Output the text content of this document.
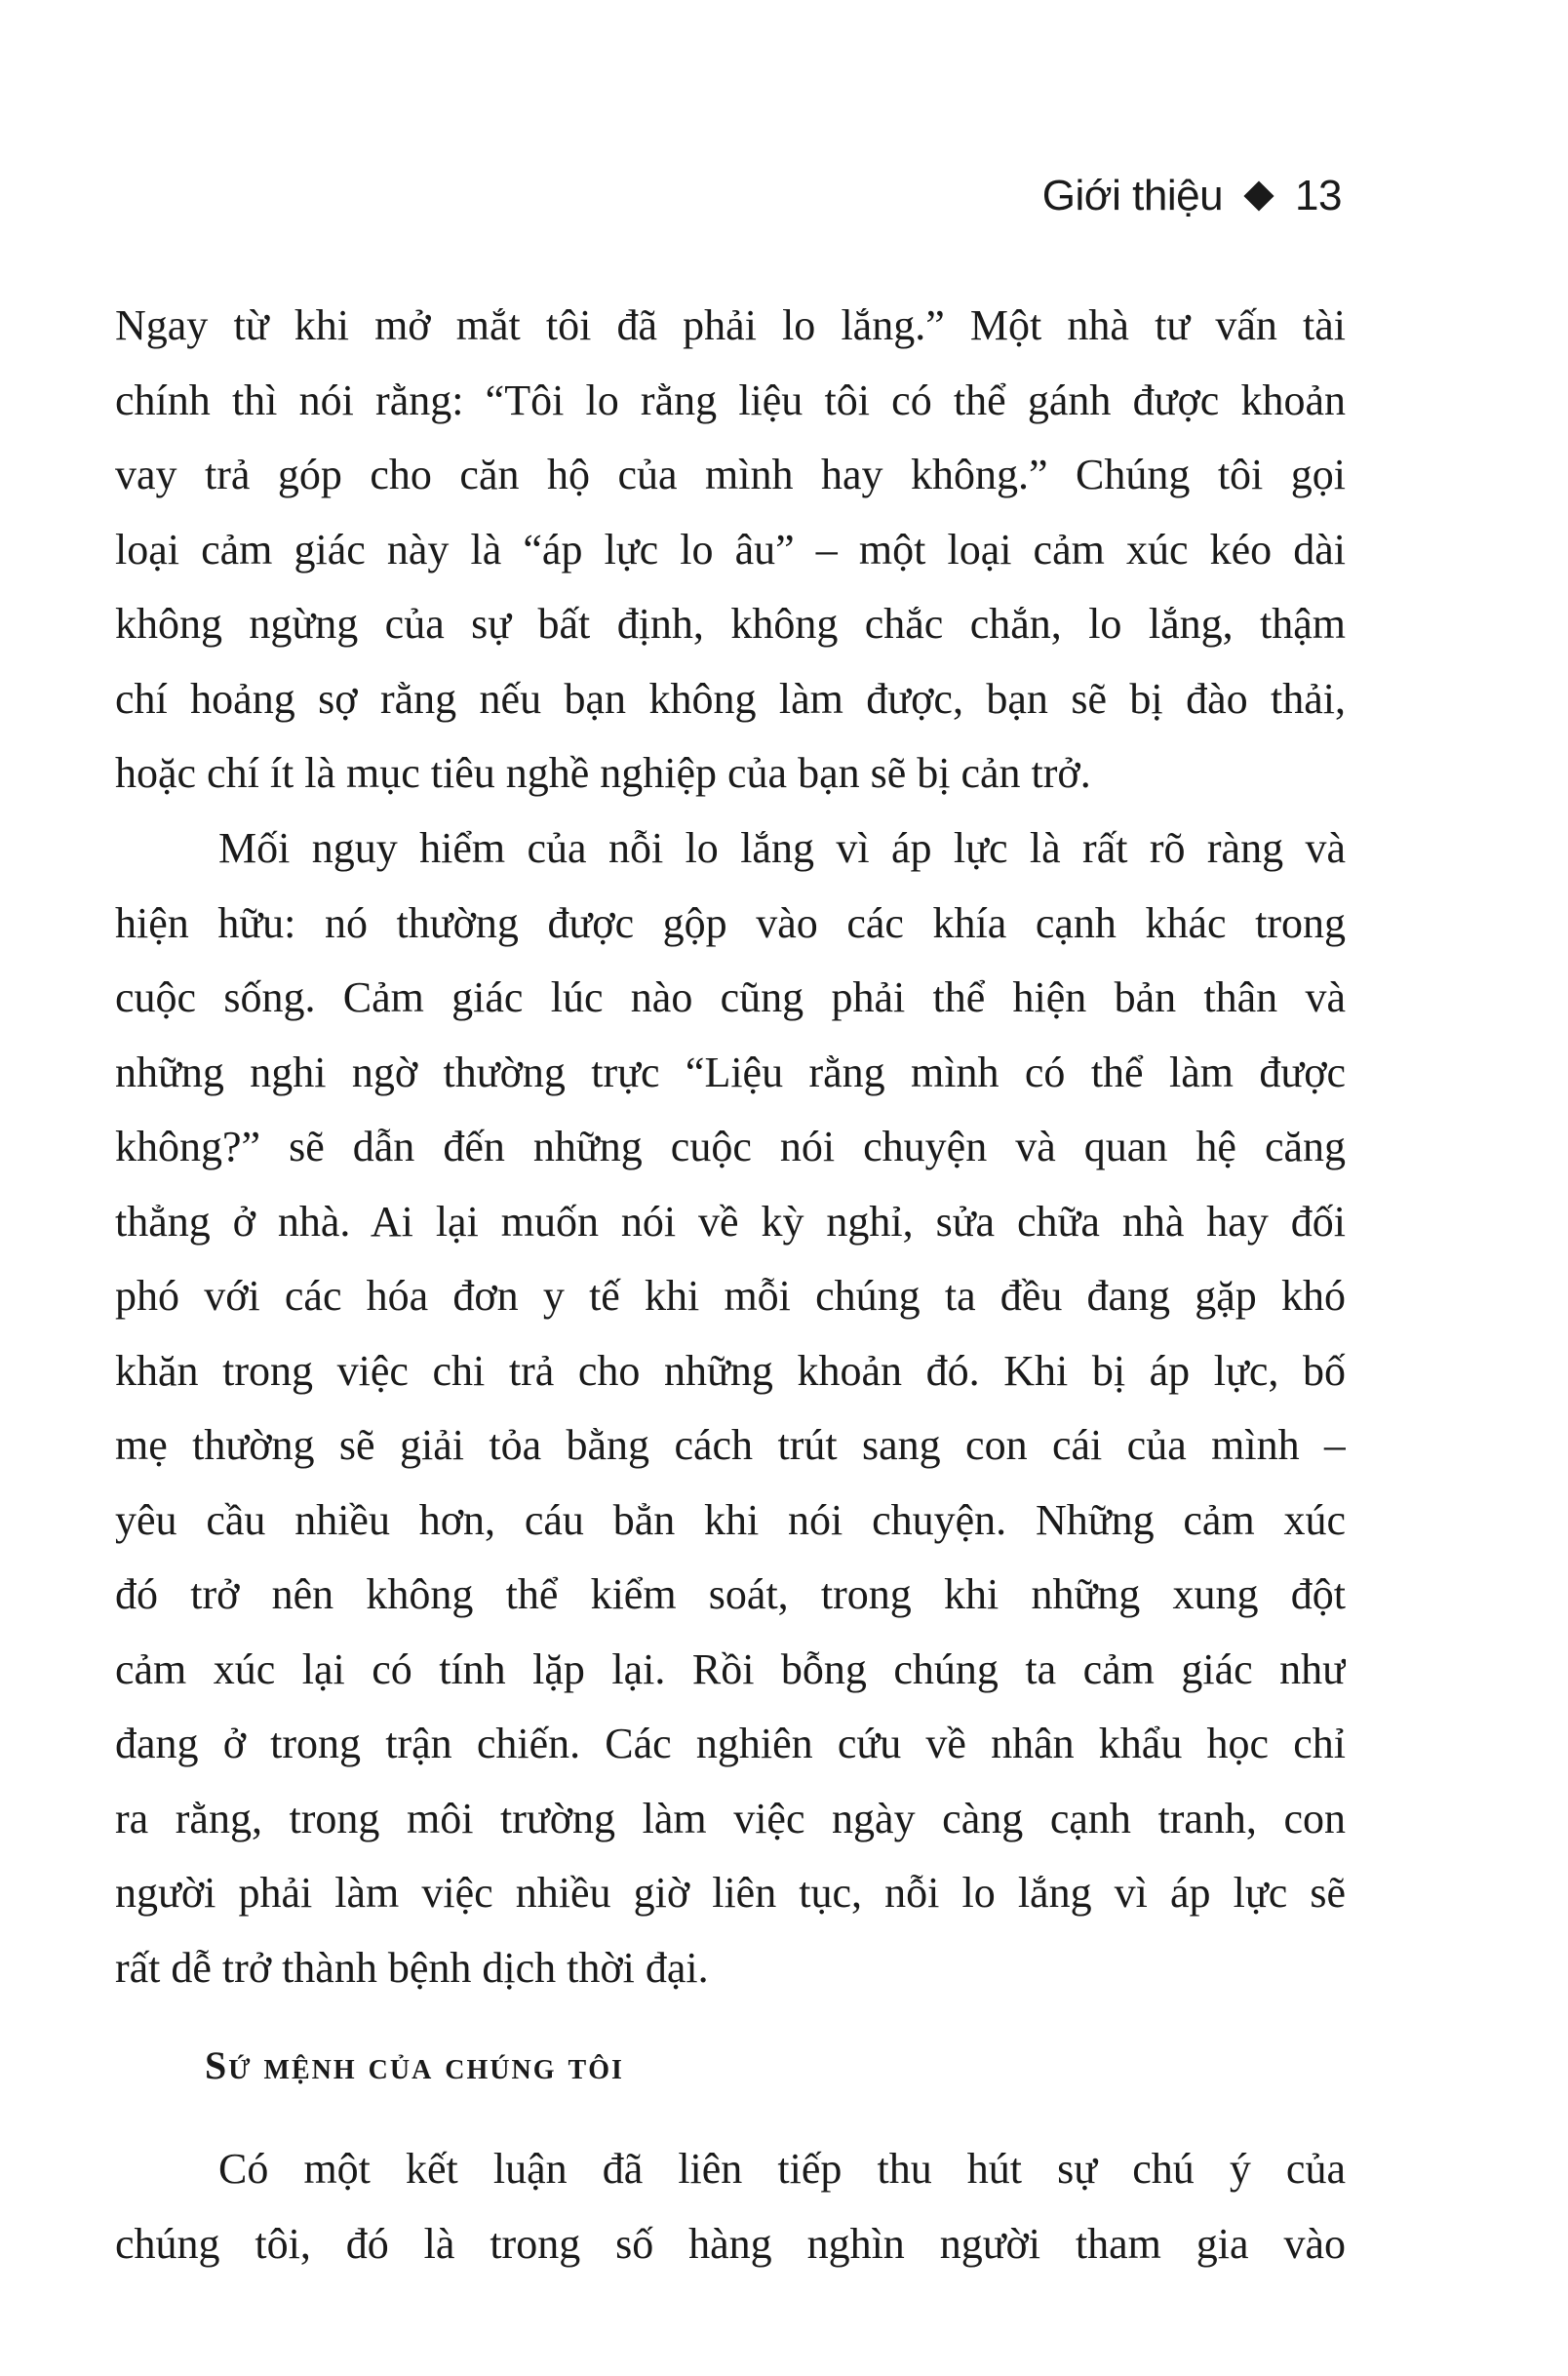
Giới thiệu 13
Ngay từ khi mở mắt tôi đã phải lo lắng.” Một nhà tư vấn tài
chính thì nói rằng: “Tôi lo rằng liệu tôi có thể gánh được khoản
vay trả góp cho căn hộ của mình hay không.” Chúng tôi gọi
loại cảm giác này là “áp lực lo âu” – một loại cảm xúc kéo dài
không ngừng của sự bất định, không chắc chắn, lo lắng, thậm
chí hoảng sợ rằng nếu bạn không làm được, bạn sẽ bị đào thải,
hoặc chí ít là mục tiêu nghề nghiệp của bạn sẽ bị cản trở.
Mối nguy hiểm của nỗi lo lắng vì áp lực là rất rõ ràng và
hiện hữu: nó thường được gộp vào các khía cạnh khác trong
cuộc sống. Cảm giác lúc nào cũng phải thể hiện bản thân và
những nghi ngờ thường trực “Liệu rằng mình có thể làm được
không?” sẽ dẫn đến những cuộc nói chuyện và quan hệ căng
thẳng ở nhà. Ai lại muốn nói về kỳ nghỉ, sửa chữa nhà hay đối
phó với các hóa đơn y tế khi mỗi chúng ta đều đang gặp khó
khăn trong việc chi trả cho những khoản đó. Khi bị áp lực, bố
mẹ thường sẽ giải tỏa bằng cách trút sang con cái của mình –
yêu cầu nhiều hơn, cáu bẳn khi nói chuyện. Những cảm xúc
đó trở nên không thể kiểm soát, trong khi những xung đột
cảm xúc lại có tính lặp lại. Rồi bỗng chúng ta cảm giác như
đang ở trong trận chiến. Các nghiên cứu về nhân khẩu học chỉ
ra rằng, trong môi trường làm việc ngày càng cạnh tranh, con
người phải làm việc nhiều giờ liên tục, nỗi lo lắng vì áp lực sẽ
rất dễ trở thành bệnh dịch thời đại.
Sứ mệnh của chúng tôi
Có một kết luận đã liên tiếp thu hút sự chú ý của
chúng tôi, đó là trong số hàng nghìn người tham gia vào
